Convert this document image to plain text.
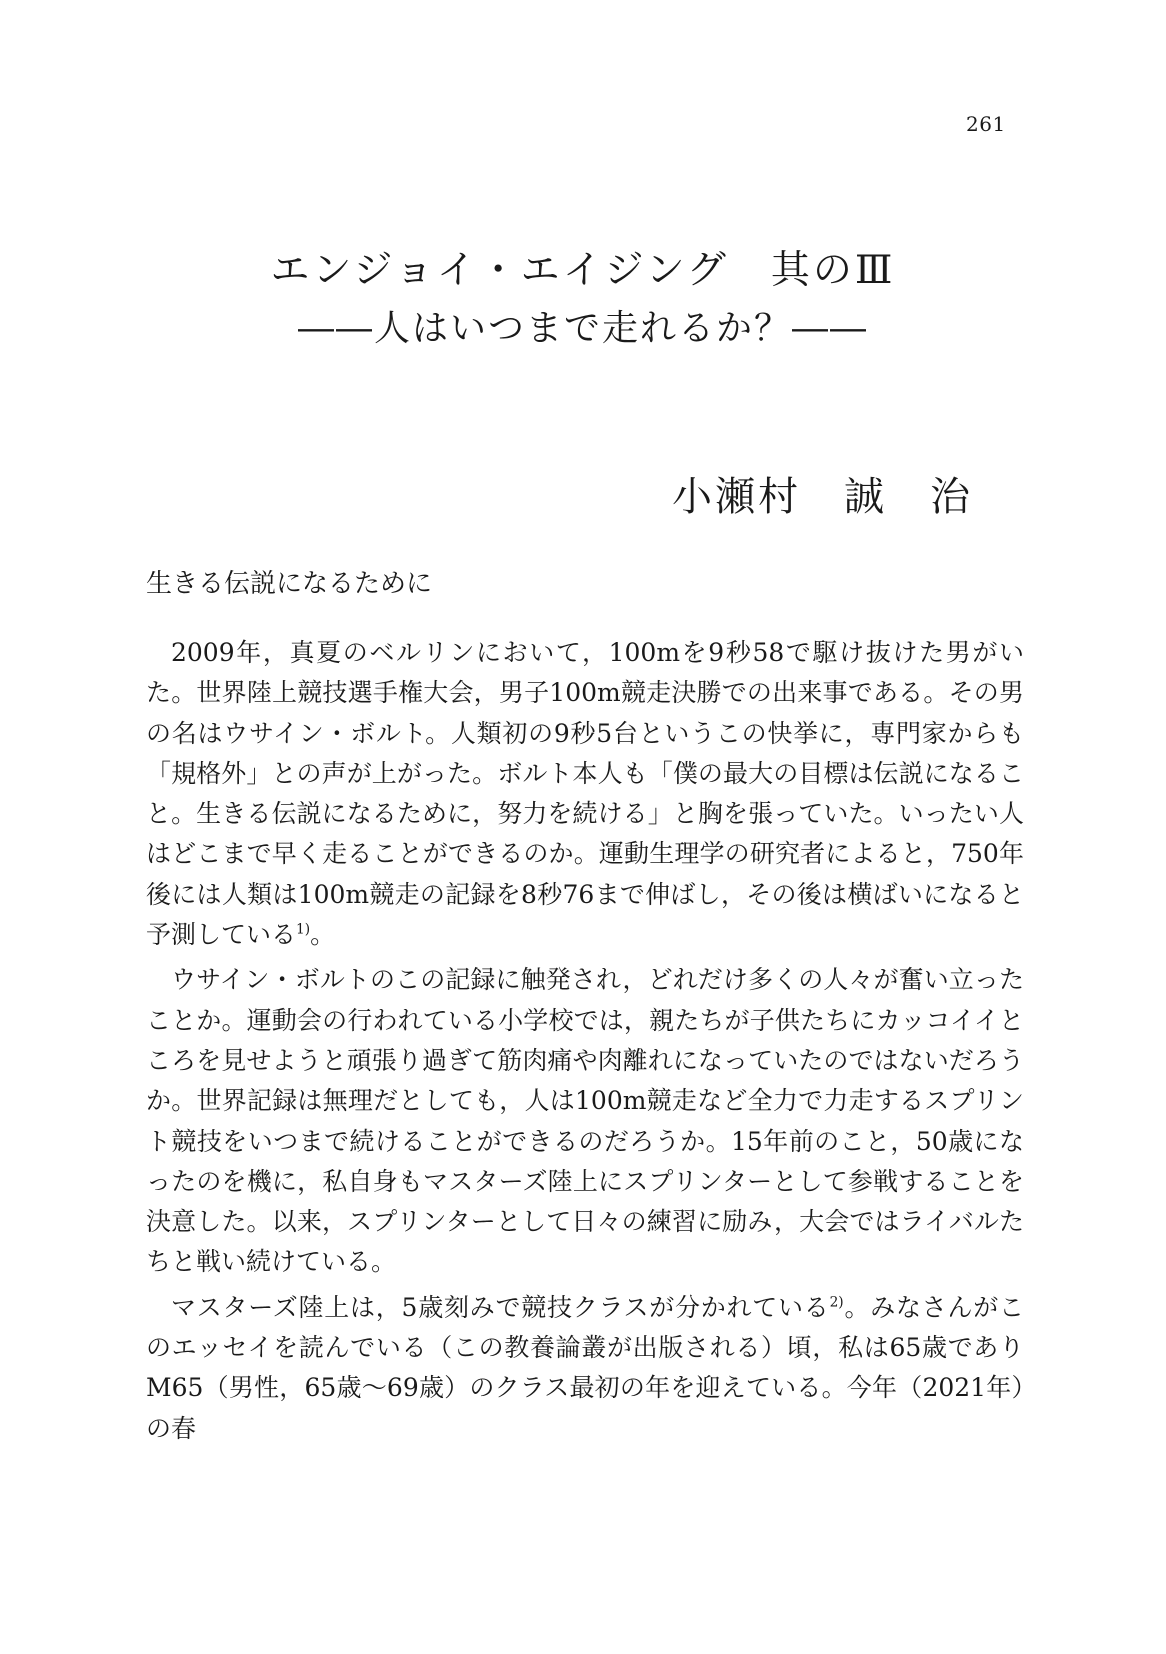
261
エンジョイ・エイジング　其のⅢ
――人はいつまで走れるか？――
小瀬村　誠　治
生きる伝説になるために

2009年，真夏のベルリンにおいて，100mを9秒58で駆け抜けた男がいた。世界陸上競技選手権大会，男子100m競走決勝での出来事である。その男の名はウサイン・ボルト。人類初の9秒5台というこの快挙に，専門家からも「規格外」との声が上がった。ボルト本人も「僕の最大の目標は伝説になること。生きる伝説になるために，努力を続ける」と胸を張っていた。いったい人はどこまで早く走ることができるのか。運動生理学の研究者によると，750年後には人類は100m競走の記録を8秒76まで伸ばし，その後は横ばいになると予測している$^{1)}$。

ウサイン・ボルトのこの記録に触発され，どれだけ多くの人々が奮い立ったことか。運動会の行われている小学校では，親たちが子供たちにカッコイイところを見せようと頑張り過ぎて筋肉痛や肉離れになっていたのではないだろうか。世界記録は無理だとしても，人は100m競走など全力で力走するスプリント競技をいつまで続けることができるのだろうか。15年前のこと，50歳になったのを機に，私自身もマスターズ陸上にスプリンターとして参戦することを決意した。以来，スプリンターとして日々の練習に励み，大会ではライバルたちと戦い続けている。

マスターズ陸上は，5歳刻みで競技クラスが分かれている$^{2)}$。みなさんがこのエッセイを読んでいる（この教養論叢が出版される）頃，私は65歳でありM65（男性，65歳～69歳）のクラス最初の年を迎えている。今年（2021年）の春
